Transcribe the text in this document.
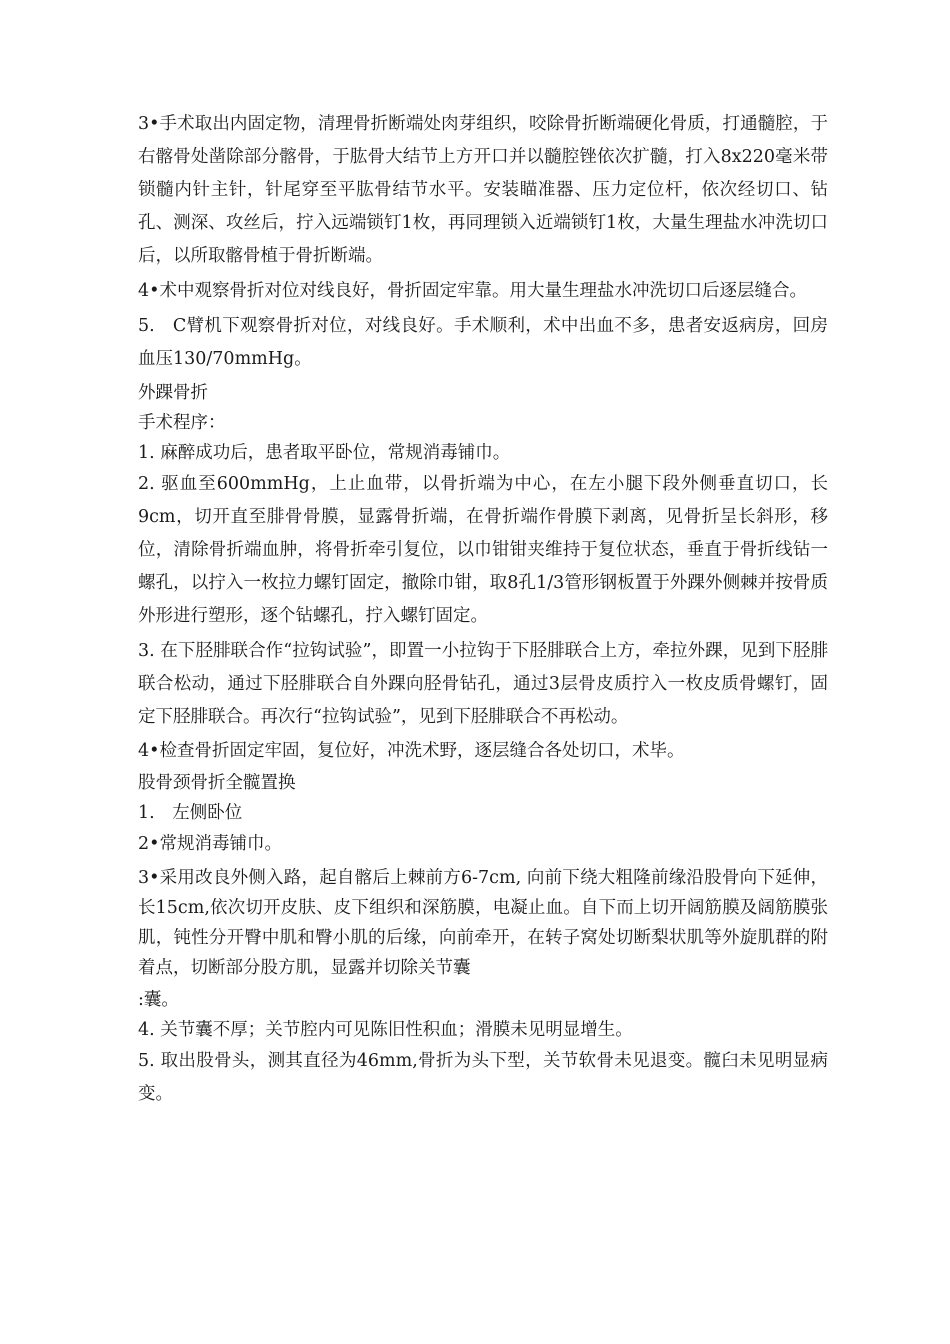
3•手术取出内固定物，清理骨折断端处肉芽组织，咬除骨折断端硬化骨质，打通髓腔，于右髂骨处凿除部分髂骨，于肱骨大结节上方开口并以髓腔锉依次扩髓，打入8x220毫米带锁髓内针主针，针尾穿至平肱骨结节水平。安装瞄准器、压力定位杆，依次经切口、钻孔、测深、攻丝后，拧入远端锁钉1枚，再同理锁入近端锁钉1枚，大量生理盐水冲洗切口后，以所取髂骨植于骨折断端。

4•术中观察骨折对位对线良好，骨折固定牢靠。用大量生理盐水冲洗切口后逐层缝合。

5.　C臂机下观察骨折对位，对线良好。手术顺利，术中出血不多，患者安返病房，回房血压130/70mmHg。

外踝骨折

手术程序：

1. 麻醉成功后，患者取平卧位，常规消毒铺巾。

2. 驱血至600mmHg，上止血带，以骨折端为中心，在左小腿下段外侧垂直切口，长9cm，切开直至腓骨骨膜，显露骨折端，在骨折端作骨膜下剥离，见骨折呈长斜形，移位，清除骨折端血肿，将骨折牵引复位，以巾钳钳夹维持于复位状态，垂直于骨折线钻一螺孔，以拧入一枚拉力螺钉固定，撤除巾钳，取8孔1/3管形钢板置于外踝外侧棘并按骨质外形进行塑形，逐个钻螺孔，拧入螺钉固定。

3. 在下胫腓联合作“拉钩试验”，即置一小拉钩于下胫腓联合上方，牵拉外踝，见到下胫腓联合松动，通过下胫腓联合自外踝向胫骨钻孔，通过3层骨皮质拧入一枚皮质骨螺钉，固定下胫腓联合。再次行“拉钩试验”，见到下胫腓联合不再松动。

4•检查骨折固定牢固，复位好，冲洗术野，逐层缝合各处切口，术毕。

股骨颈骨折全髋置换

1.　左侧卧位

2•常规消毒铺巾。

3•采用改良外侧入路，起自髂后上棘前方6-7cm, 向前下绕大粗隆前缘沿股骨向下延伸，长15cm,依次切开皮肤、皮下组织和深筋膜，电凝止血。自下而上切开阔筋膜及阔筋膜张肌，钝性分开臀中肌和臀小肌的后缘，向前牵开，在转子窝处切断梨状肌等外旋肌群的附着点，切断部分股方肌，显露并切除关节囊

:囊。

4. 关节囊不厚；关节腔内可见陈旧性积血；滑膜未见明显增生。

5. 取出股骨头，测其直径为46mm,骨折为头下型，关节软骨未见退变。髋臼未见明显病变。
